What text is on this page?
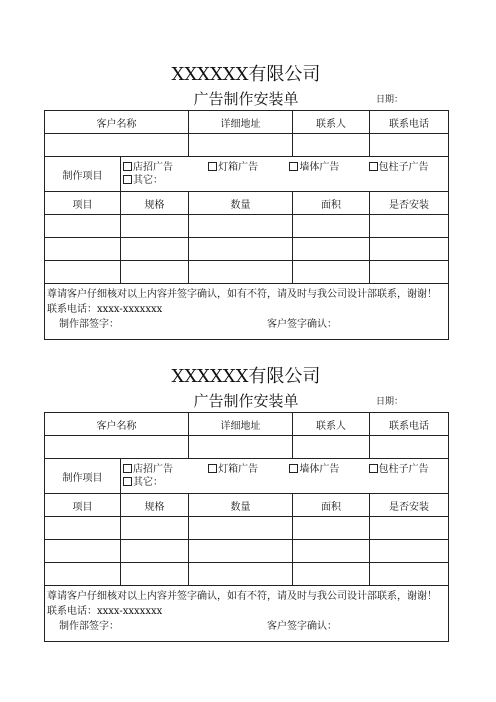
XXXXXX有限公司
广告制作安装单	日期：
客户名称		详细地址	联系人	联系电话

制作项目	店招广告 灯箱广告 墙体广告 包柱子广告
其它：			

项目	规格	数量	面积	是否安装

尊请客户仔细核对以上内容并签字确认，如有不符，请及时与我公司设计部联系，谢谢！联系电话：xxxx-xxxxxxx
制作部签字： 客户签字确认：				
XXXXXX有限公司
广告制作安装单	日期：
客户名称		详细地址	联系人	联系电话

制作项目	店招广告 灯箱广告 墙体广告 包柱子广告
其它：			

项目	规格	数量	面积	是否安装

尊请客户仔细核对以上内容并签字确认，如有不符，请及时与我公司设计部联系，谢谢！联系电话：xxxx-xxxxxxx
制作部签字： 客户签字确认：				
